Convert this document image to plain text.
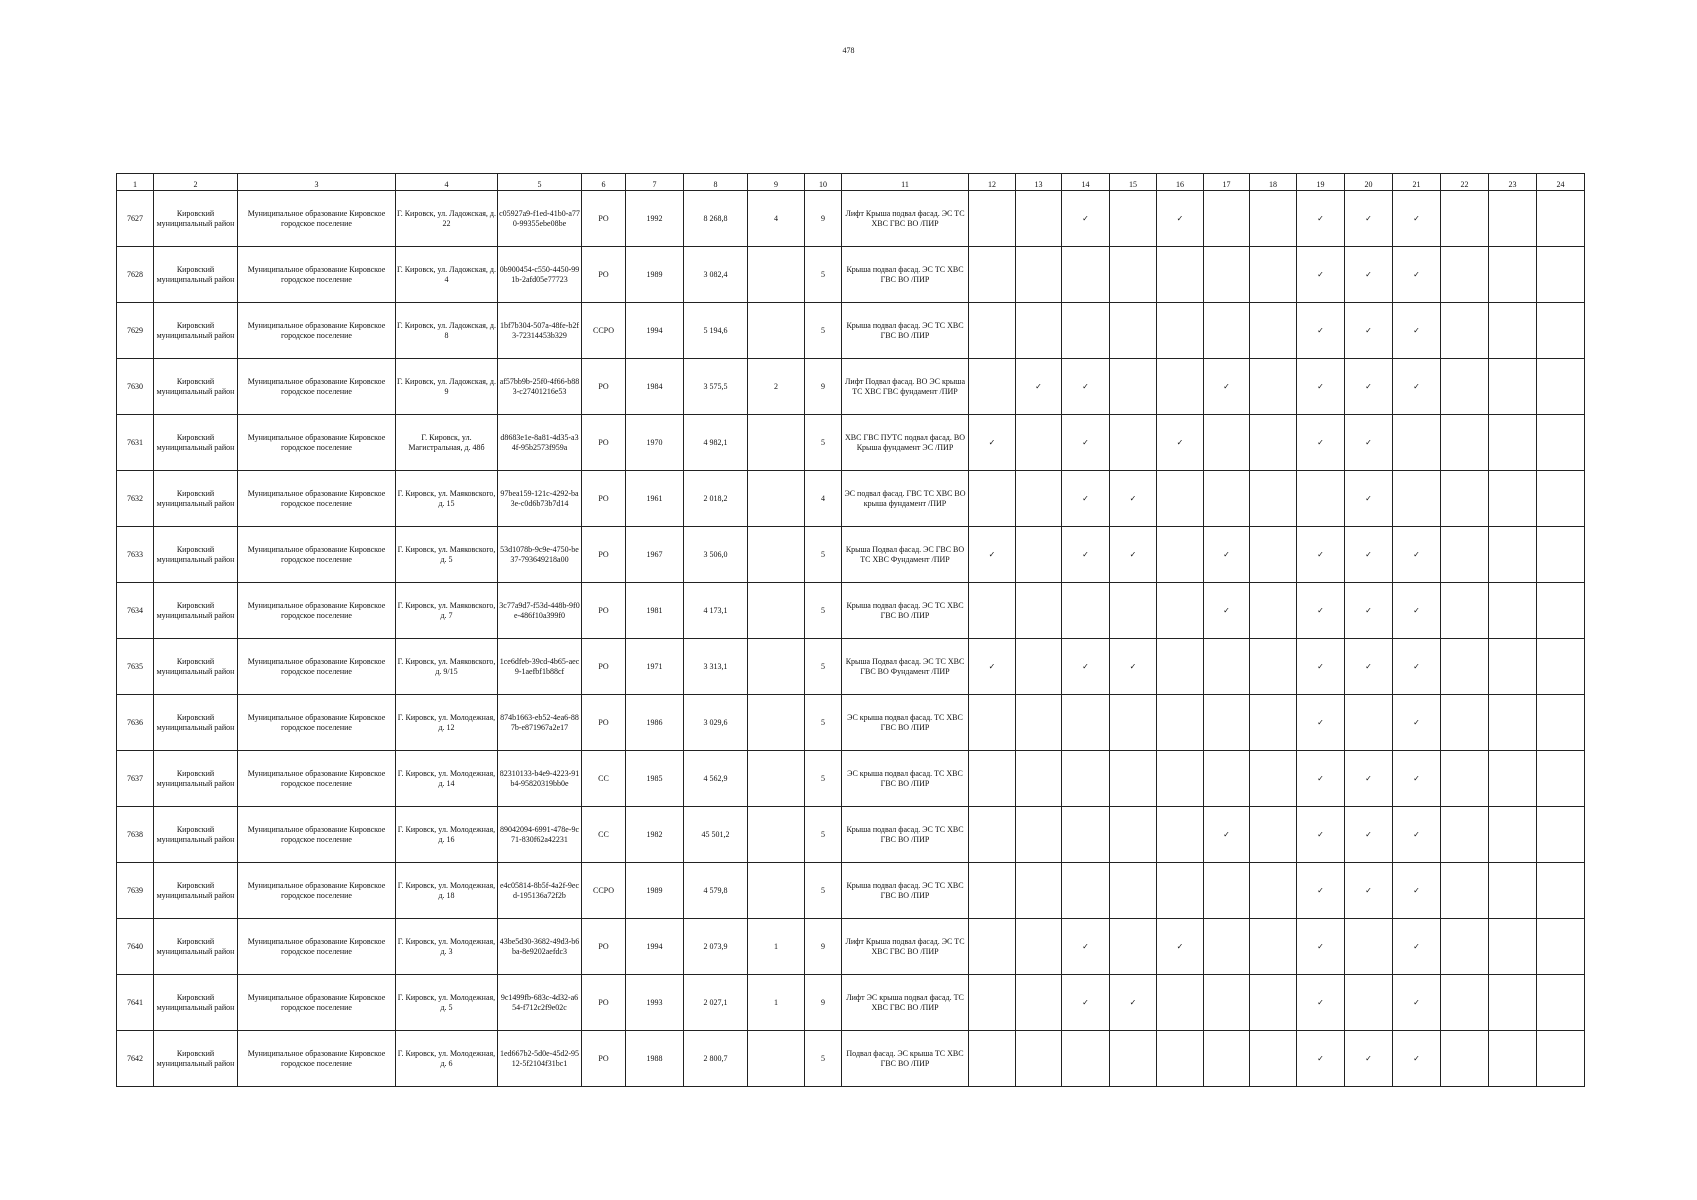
478
1	2	3	4	5	6	7	8	9	10	11	12	13	14	15	16	17	18	19	20	21	22	23	24
7627	Кировский муниципальный район	Муниципальное образование Кировское городское поселение	Г. Кировск, ул. Ладожская, д. 22	c05927a9-f1ed-41b0-a770-99355ebe08be	РО	1992	8 268,8	4	9	Лифт Крыша подвал фасад. ЭС ТС ХВС ГВС ВО /ПИР			✓		✓			✓	✓	✓			
7628	Кировский муниципальный район	Муниципальное образование Кировское городское поселение	Г. Кировск, ул. Ладожская, д. 4	0b900454-c550-4450-991b-2afd05e77723	РО	1989	3 082,4		5	Крыша подвал фасад. ЭС ТС ХВС ГВС ВО /ПИР								✓	✓	✓			
7629	Кировский муниципальный район	Муниципальное образование Кировское городское поселение	Г. Кировск, ул. Ладожская, д. 8	1bf7b304-507a-48fe-b2f3-72314453b329	ССРО	1994	5 194,6		5	Крыша подвал фасад. ЭС ТС ХВС ГВС ВО /ПИР								✓	✓	✓			
7630	Кировский муниципальный район	Муниципальное образование Кировское городское поселение	Г. Кировск, ул. Ладожская, д. 9	af57bb9b-25f0-4f66-b883-c27401216e53	РО	1984	3 575,5	2	9	Лифт Подвал фасад. ВО ЭС крыша ТС ХВС ГВС фундамент /ПИР		✓	✓			✓		✓	✓	✓			
7631	Кировский муниципальный район	Муниципальное образование Кировское городское поселение	Г. Кировск, ул. Магистральная, д. 48б	d8683e1e-8a81-4d35-a34f-95b2573f959a	РО	1970	4 982,1		5	ХВС ГВС ПУТС подвал фасад. ВО Крыша фундамент ЭС /ПИР	✓		✓		✓			✓	✓				
7632	Кировский муниципальный район	Муниципальное образование Кировское городское поселение	Г. Кировск, ул. Маяковского, д. 15	97bea159-121c-4292-ba3e-c0d6b73b7d14	РО	1961	2 018,2		4	ЭС подвал фасад. ГВС ТС ХВС ВО крыша фундамент /ПИР			✓	✓					✓				
7633	Кировский муниципальный район	Муниципальное образование Кировское городское поселение	Г. Кировск, ул. Маяковского, д. 5	53d1078b-9c9e-4750-be37-793649218a00	РО	1967	3 506,0		5	Крыша Подвал фасад. ЭС ГВС ВО ТС ХВС Фундамент /ПИР	✓		✓	✓		✓		✓	✓	✓			
7634	Кировский муниципальный район	Муниципальное образование Кировское городское поселение	Г. Кировск, ул. Маяковского, д. 7	3c77a9d7-f53d-448b-9f0e-486f10a399f0	РО	1981	4 173,1		5	Крыша подвал фасад. ЭС ТС ХВС ГВС ВО /ПИР						✓		✓	✓	✓			
7635	Кировский муниципальный район	Муниципальное образование Кировское городское поселение	Г. Кировск, ул. Маяковского, д. 9/15	1ce6dfeb-39cd-4b65-aec9-1aefbf1b88cf	РО	1971	3 313,1		5	Крыша Подвал фасад. ЭС ТС ХВС ГВС ВО Фундамент /ПИР	✓		✓	✓				✓	✓	✓			
7636	Кировский муниципальный район	Муниципальное образование Кировское городское поселение	Г. Кировск, ул. Молодежная, д. 12	874b1663-eb52-4ea6-887b-e871967a2e17	РО	1986	3 029,6		5	ЭС крыша подвал фасад. ТС ХВС ГВС ВО /ПИР								✓		✓			
7637	Кировский муниципальный район	Муниципальное образование Кировское городское поселение	Г. Кировск, ул. Молодежная, д. 14	82310133-b4e9-4223-91b4-95820319bb0e	СС	1985	4 562,9		5	ЭС крыша подвал фасад. ТС ХВС ГВС ВО /ПИР								✓	✓	✓			
7638	Кировский муниципальный район	Муниципальное образование Кировское городское поселение	Г. Кировск, ул. Молодежная, д. 16	89042094-6991-478e-9c71-830f62a42231	СС	1982	45 501,2		5	Крыша подвал фасад. ЭС ТС ХВС ГВС ВО /ПИР						✓		✓	✓	✓			
7639	Кировский муниципальный район	Муниципальное образование Кировское городское поселение	Г. Кировск, ул. Молодежная, д. 18	e4c05814-8b5f-4a2f-9ecd-195136a72f2b	ССРО	1989	4 579,8		5	Крыша подвал фасад. ЭС ТС ХВС ГВС ВО /ПИР								✓	✓	✓			
7640	Кировский муниципальный район	Муниципальное образование Кировское городское поселение	Г. Кировск, ул. Молодежная, д. 3	43be5d30-3682-49d3-b6ba-8e9202aefdc3	РО	1994	2 073,9	1	9	Лифт Крыша подвал фасад. ЭС ТС ХВС ГВС ВО /ПИР			✓		✓			✓		✓			
7641	Кировский муниципальный район	Муниципальное образование Кировское городское поселение	Г. Кировск, ул. Молодежная, д. 5	9c1499fb-683c-4d32-a654-f712c2f9e02c	РО	1993	2 027,1	1	9	Лифт ЭС крыша подвал фасад. ТС ХВС ГВС ВО /ПИР			✓	✓				✓		✓			
7642	Кировский муниципальный район	Муниципальное образование Кировское городское поселение	Г. Кировск, ул. Молодежная, д. 6	1ed667b2-5d0e-45d2-9512-5f2104f31bc1	РО	1988	2 800,7		5	Подвал фасад. ЭС крыша ТС ХВС ГВС ВО /ПИР								✓	✓	✓			
